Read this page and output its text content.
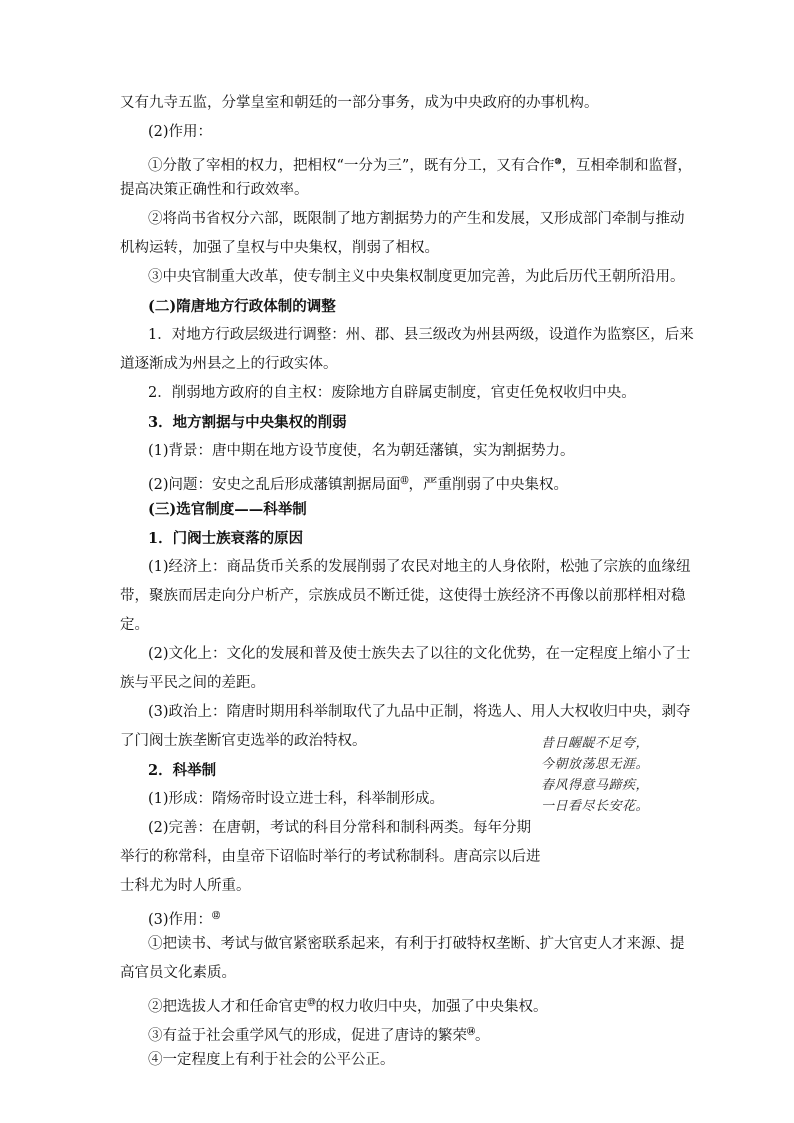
又有九寺五监，分掌皇室和朝廷的一部分事务，成为中央政府的办事机构。
(2)作用：
①分散了宰相的权力，把相权“一分为三”，既有分工，又有合作⑩，互相牵制和监督，
提高决策正确性和行政效率。
②将尚书省权分六部，既限制了地方割据势力的产生和发展，又形成部门牵制与推动
机构运转，加强了皇权与中央集权，削弱了相权。
③中央官制重大改革，使专制主义中央集权制度更加完善，为此后历代王朝所沿用。
(二)隋唐地方行政体制的调整
1．对地方行政层级进行调整：州、郡、县三级改为州县两级，设道作为监察区，后来
道逐渐成为州县之上的行政实体。
2．削弱地方政府的自主权：废除地方自辟属吏制度，官吏任免权收归中央。
3．地方割据与中央集权的削弱
(1)背景：唐中期在地方设节度使，名为朝廷藩镇，实为割据势力。
(2)问题：安史之乱后形成藩镇割据局面⑪，严重削弱了中央集权。
(三)选官制度——科举制
1．门阀士族衰落的原因
(1)经济上：商品货币关系的发展削弱了农民对地主的人身依附，松弛了宗族的血缘纽
带，聚族而居走向分户析产，宗族成员不断迁徙，这使得士族经济不再像以前那样相对稳
定。
(2)文化上：文化的发展和普及使士族失去了以往的文化优势，在一定程度上缩小了士
族与平民之间的差距。
(3)政治上：隋唐时期用科举制取代了九品中正制，将选人、用人大权收归中央，剥夺
了门阀士族垄断官吏选举的政治特权。
2．科举制
(1)形成：隋炀帝时设立进士科，科举制形成。
(2)完善：在唐朝，考试的科目分常科和制科两类。每年分期
举行的称常科，由皇帝下诏临时举行的考试称制科。唐高宗以后进
士科尤为时人所重。
(3)作用：⑫
①把读书、考试与做官紧密联系起来，有利于打破特权垄断、扩大官吏人才来源、提
高官员文化素质。
②把选拔人才和任命官吏⑬的权力收归中央，加强了中央集权。
③有益于社会重学风气的形成，促进了唐诗的繁荣⑭。
④一定程度上有利于社会的公平公正。
昔日龌龊不足夸，
今朝放荡思无涯。
春风得意马蹄疾，
一日看尽长安花。
